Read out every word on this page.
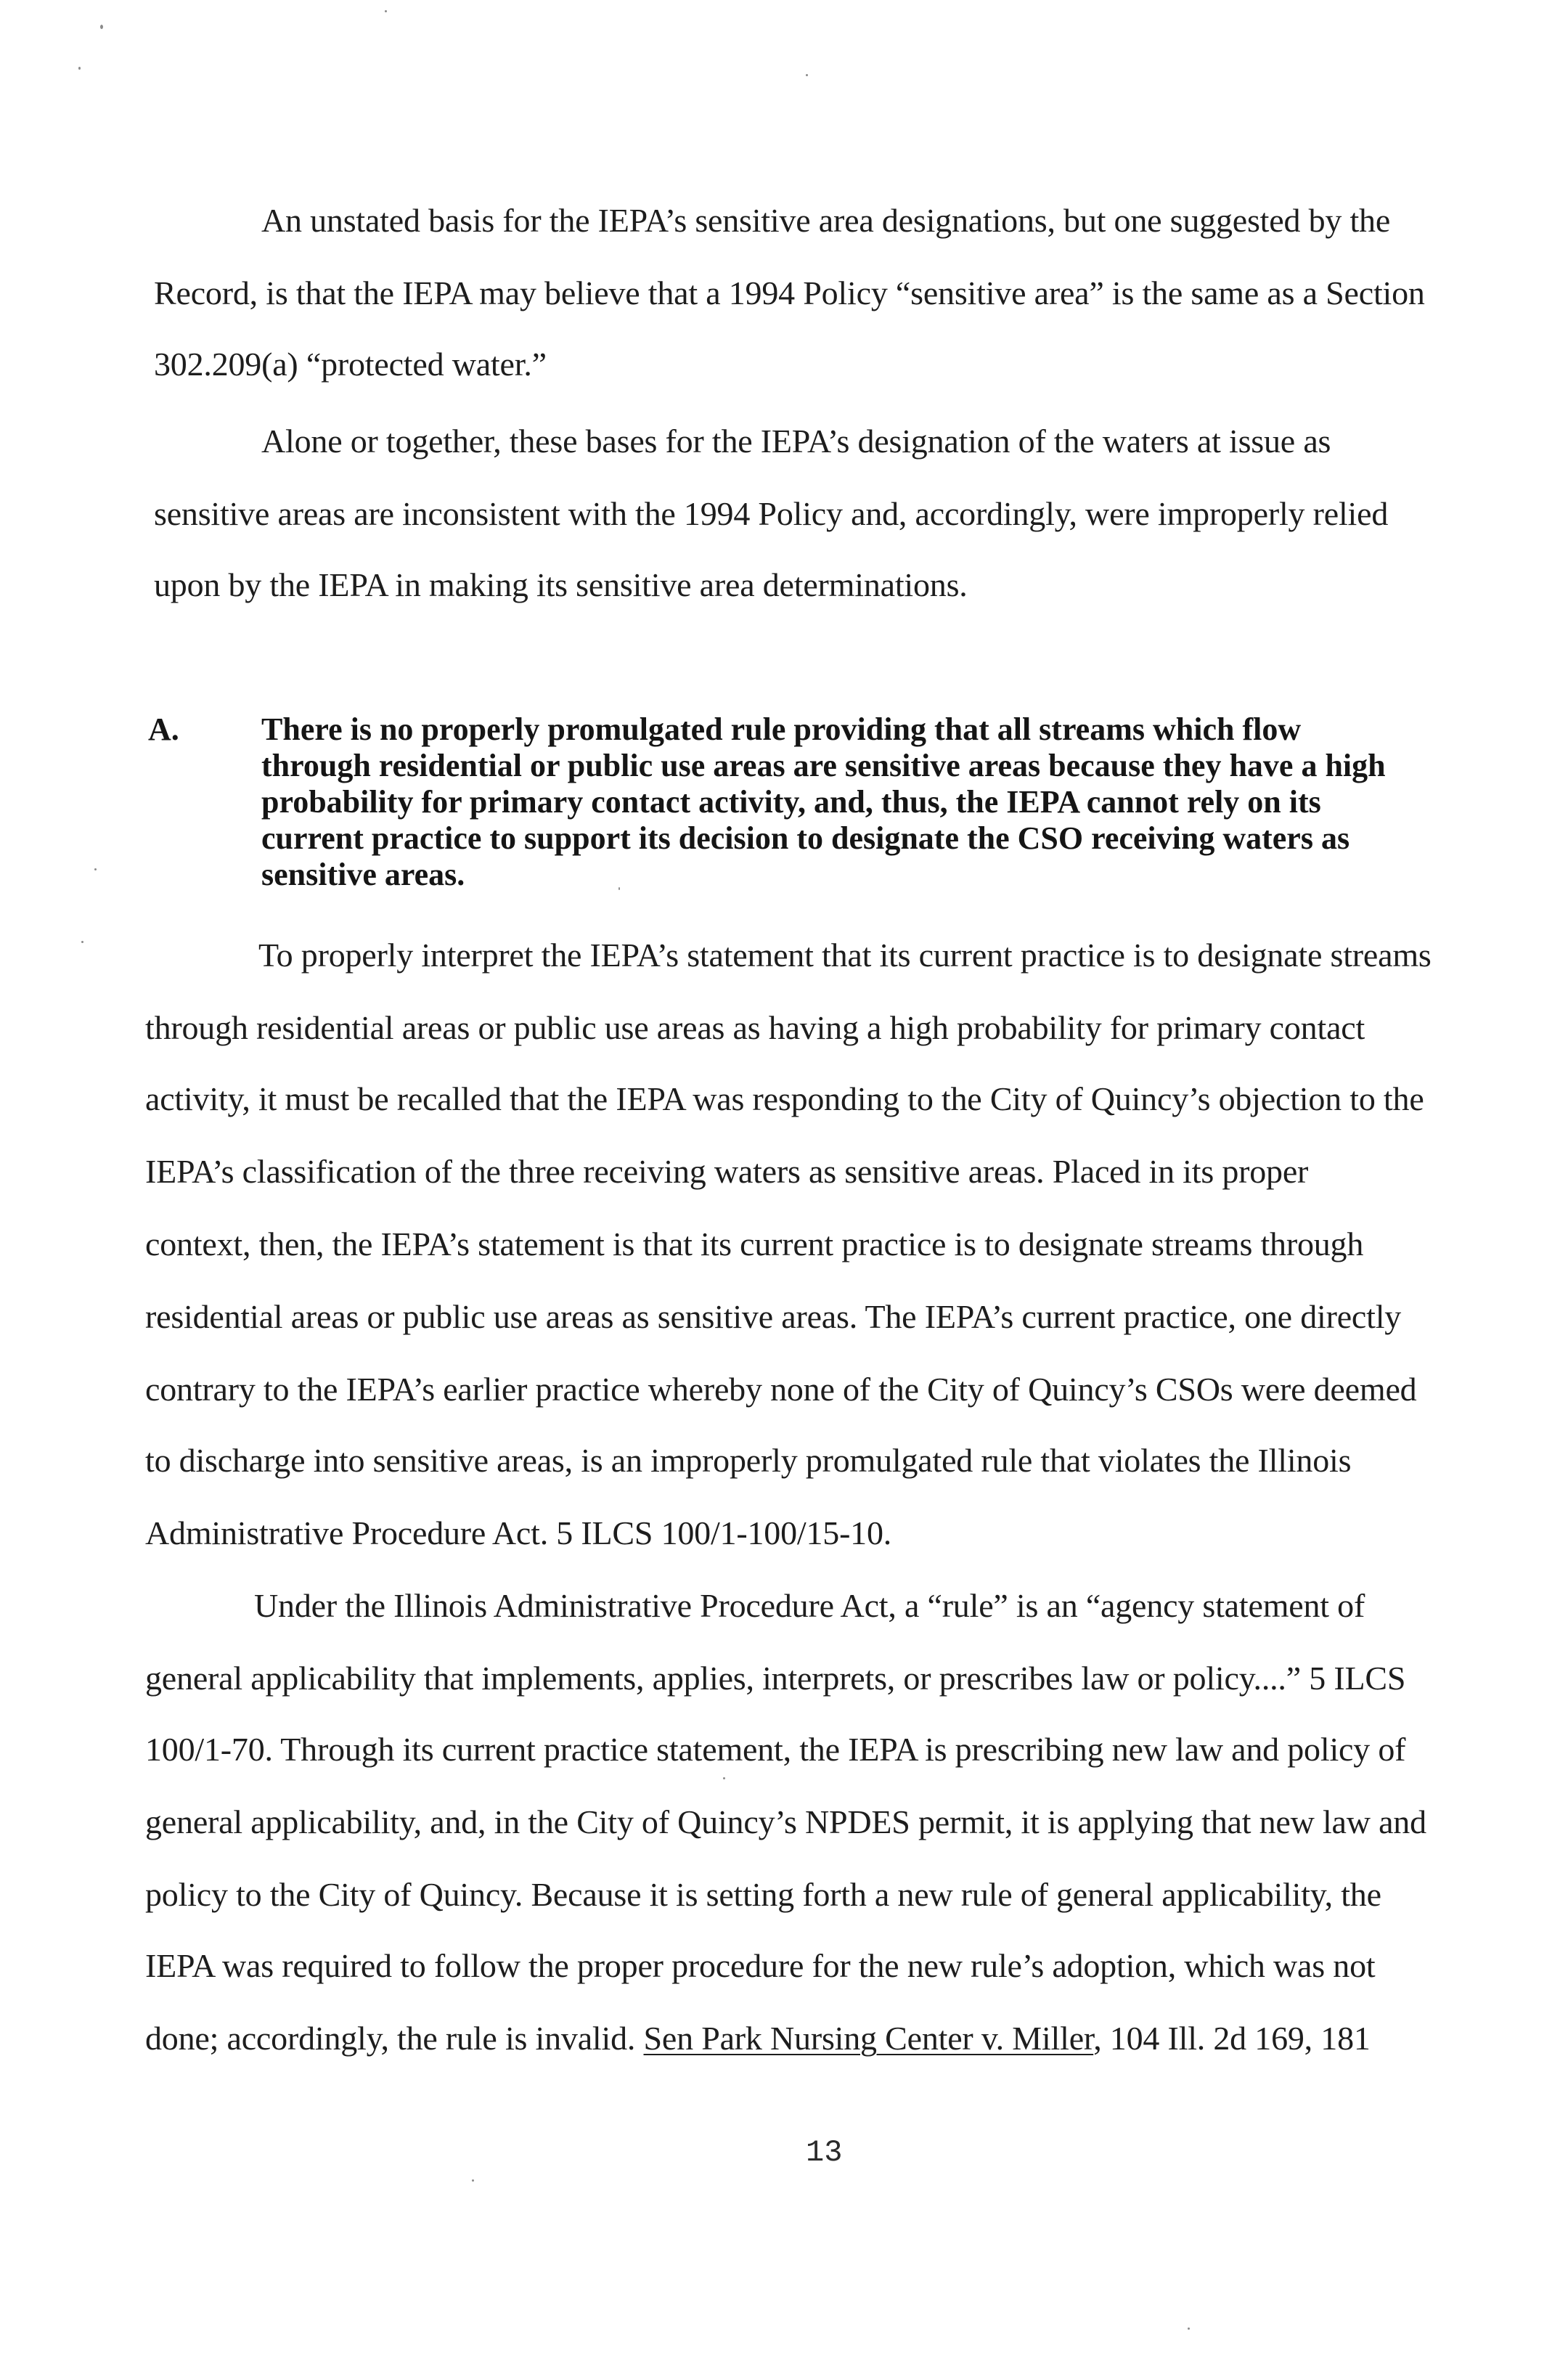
An unstated basis for the IEPA’s sensitive area designations, but one suggested by the
Record, is that the IEPA may believe that a 1994 Policy “sensitive area” is the same as a Section
302.209(a) “protected water.”
Alone or together, these bases for the IEPA’s designation of the waters at issue as
sensitive areas are inconsistent with the 1994 Policy and, accordingly, were improperly relied
upon by the IEPA in making its sensitive area determinations.
A.	There is no properly promulgated rule providing that all streams which flow
through residential or public use areas are sensitive areas because they have a high
probability for primary contact activity, and, thus, the IEPA cannot rely on its
current practice to support its decision to designate the CSO receiving waters as
sensitive areas.
To properly interpret the IEPA’s statement that its current practice is to designate streams
through residential areas or public use areas as having a high probability for primary contact
activity, it must be recalled that the IEPA was responding to the City of Quincy’s objection to the
IEPA’s classification of the three receiving waters as sensitive areas. Placed in its proper
context, then, the IEPA’s statement is that its current practice is to designate streams through
residential areas or public use areas as sensitive areas. The IEPA’s current practice, one directly
contrary to the IEPA’s earlier practice whereby none of the City of Quincy’s CSOs were deemed
to discharge into sensitive areas, is an improperly promulgated rule that violates the Illinois
Administrative Procedure Act. 5 ILCS 100/1-100/15-10.
Under the Illinois Administrative Procedure Act, a “rule” is an “agency statement of
general applicability that implements, applies, interprets, or prescribes law or policy....” 5 ILCS
100/1-70. Through its current practice statement, the IEPA is prescribing new law and policy of
general applicability, and, in the City of Quincy’s NPDES permit, it is applying that new law and
policy to the City of Quincy. Because it is setting forth a new rule of general applicability, the
IEPA was required to follow the proper procedure for the new rule’s adoption, which was not
done; accordingly, the rule is invalid. Sen Park Nursing Center v. Miller, 104 Ill. 2d 169, 181
13
